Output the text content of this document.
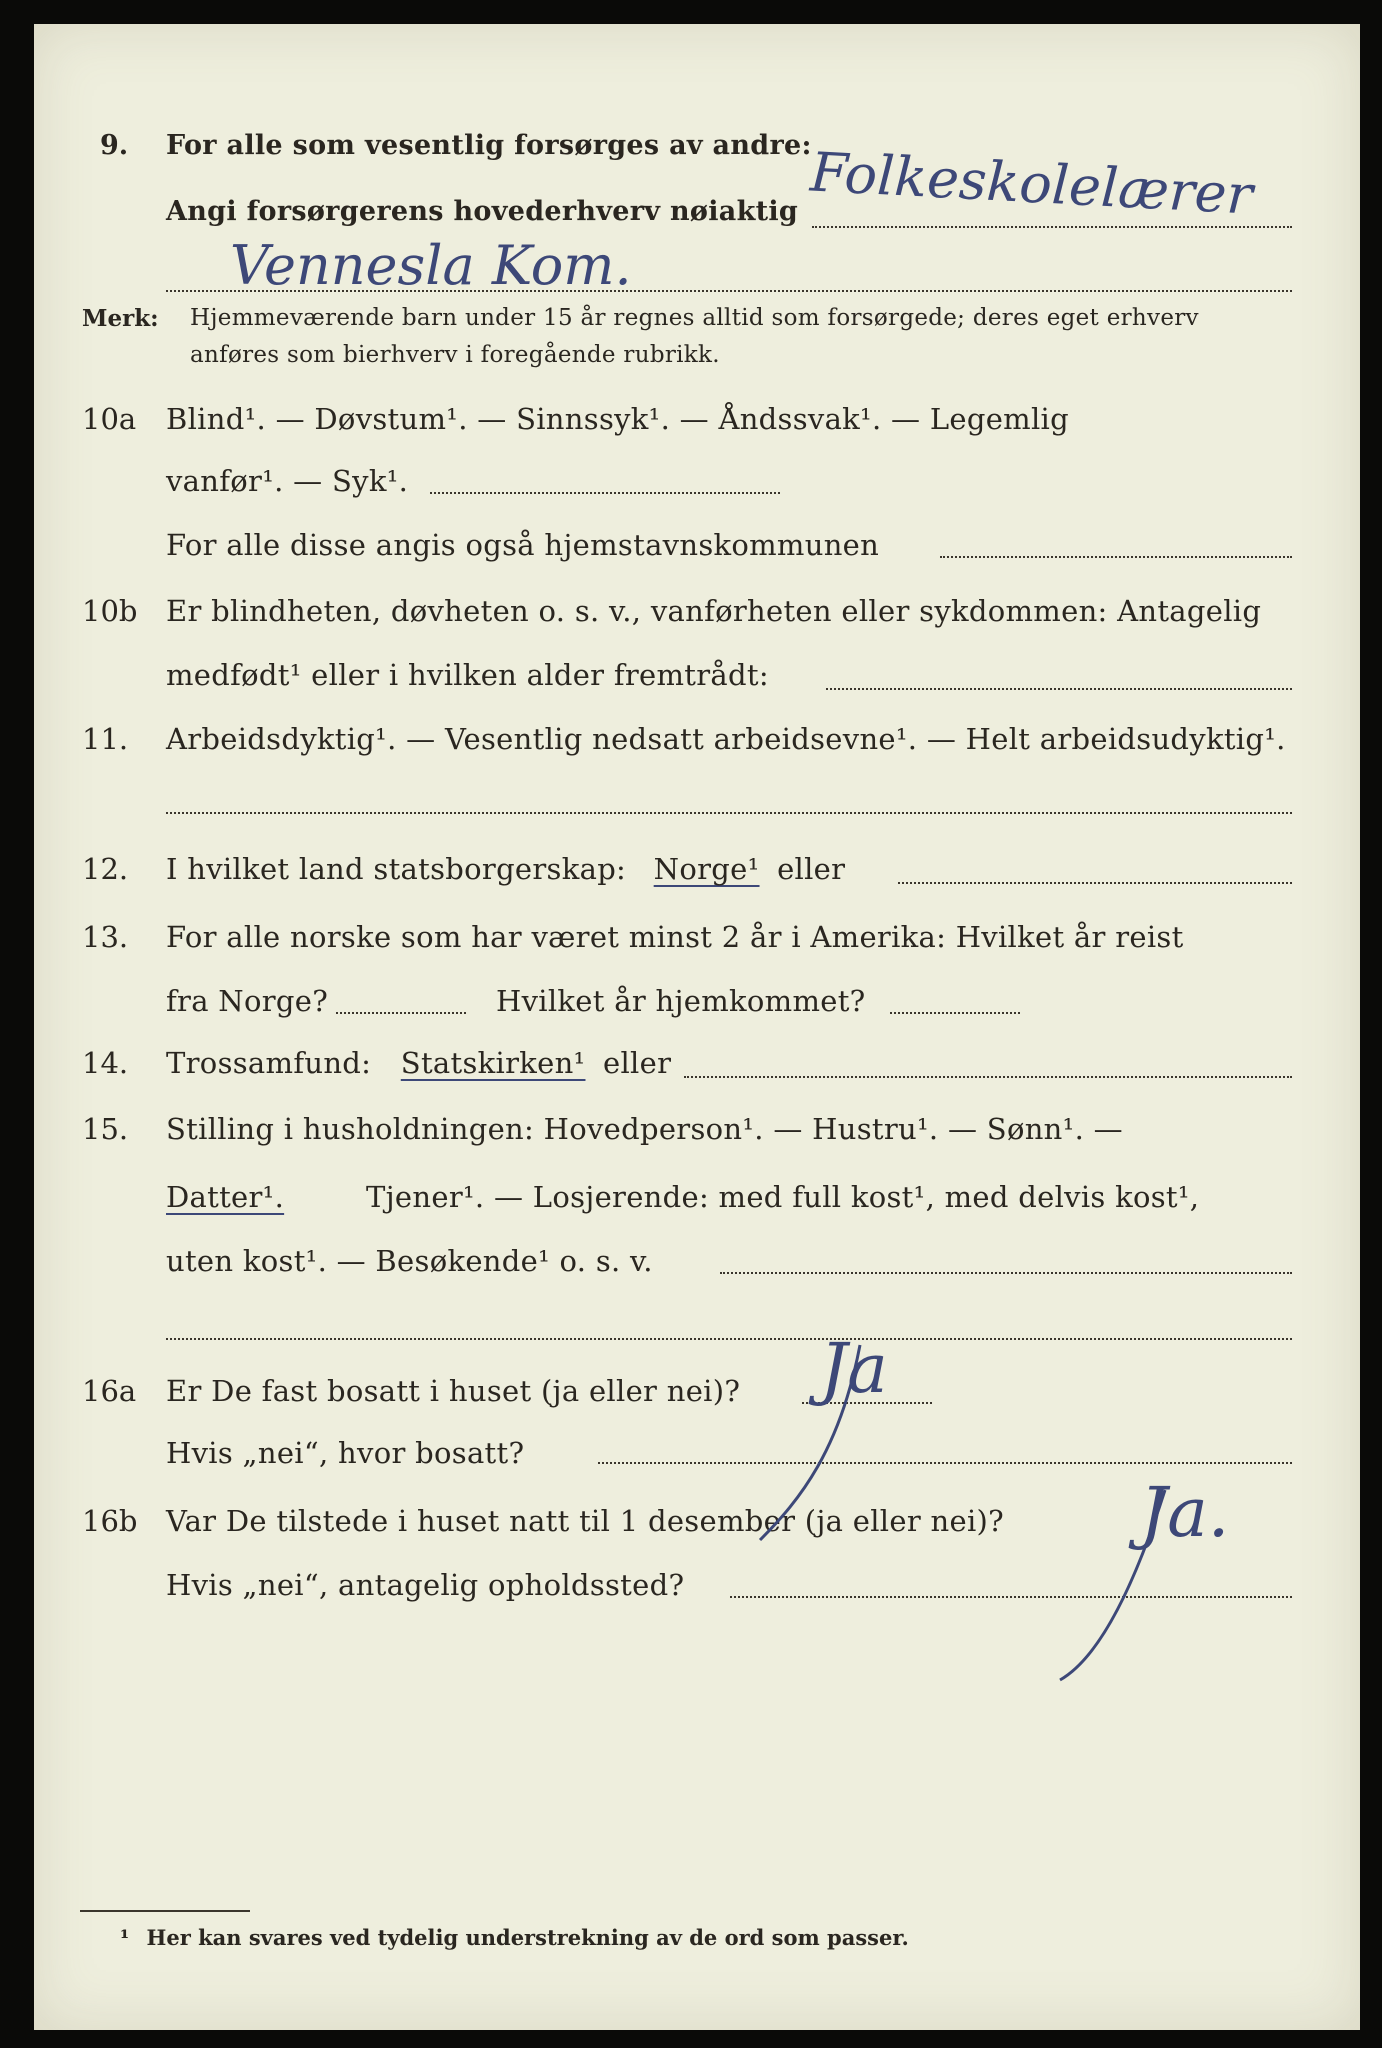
9. For alle som vesentlig forsørges av andre:
Angi forsørgerens hovederhverv nøiaktig Folkeskolelærer
Vennesla Kom.
Merk: Hjemmeværende barn under 15 år regnes alltid som forsørgede; deres eget erhverv
anføres som bierhverv i foregående rubrikk.
10a Blind¹. — Døvstum¹. — Sinnssyk¹. — Åndssvak¹. — Legemlig
vanfør¹. — Syk¹.
For alle disse angis også hjemstavnskommunen
10b Er blindheten, døvheten o. s. v., vanførheten eller sykdommen: Antagelig
medfødt¹ eller i hvilken alder fremtrådt:
11. Arbeidsdyktig¹. — Vesentlig nedsatt arbeidsevne¹. — Helt arbeidsudyktig¹.
12. I hvilket land statsborgerskap: Norge¹ eller
13. For alle norske som har været minst 2 år i Amerika: Hvilket år reist
fra Norge?	Hvilket år hjemkommet?
14. Trossamfund: Statskirken¹ eller
15. Stilling i husholdningen: Hovedperson¹. — Hustru¹. — Sønn¹. —
Datter¹.	Tjener¹. — Losjerende: med full kost¹, med delvis kost¹,
uten kost¹. — Besøkende¹ o. s. v.
16a Er De fast bosatt i huset (ja eller nei)? Ja
Hvis „nei“, hvor bosatt?
16b Var De tilstede i huset natt til 1 desember (ja eller nei)? Ja.
Hvis „nei“, antagelig opholdssted?
¹ Her kan svares ved tydelig understrekning av de ord som passer.
